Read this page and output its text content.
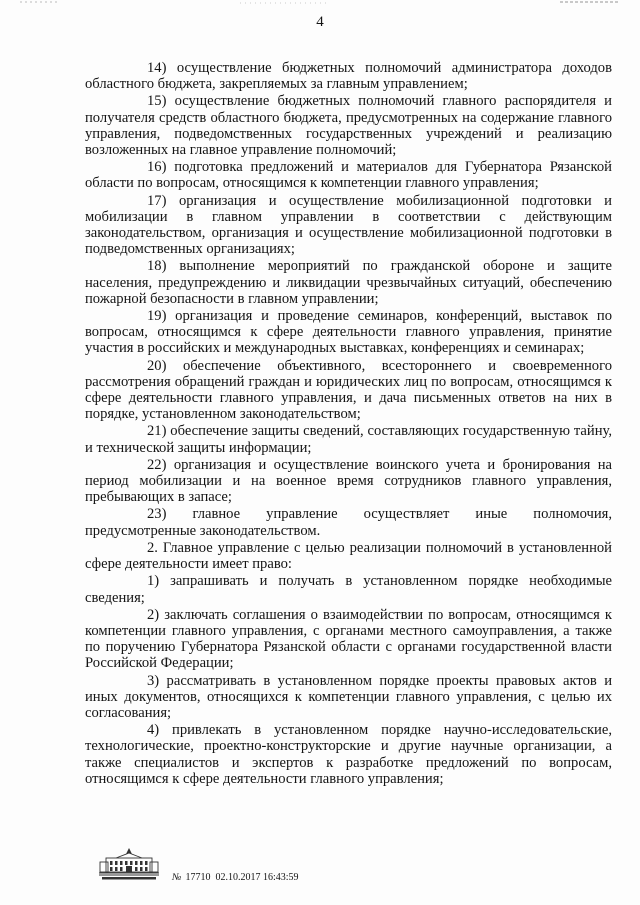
4

14) осуществление бюджетных полномочий администратора доходов областного бюджета, закрепляемых за главным управлением;

15) осуществление бюджетных полномочий главного распорядителя и получателя средств областного бюджета, предусмотренных на содержание главного управления, подведомственных государственных учреждений и реализацию возложенных на главное управление полномочий;

16) подготовка предложений и материалов для Губернатора Рязанской области по вопросам, относящимся к компетенции главного управления;

17) организация и осуществление мобилизационной подготовки и мобилизации в главном управлении в соответствии с действующим законодательством, организация и осуществление мобилизационной подготовки в подведомственных организациях;

18) выполнение мероприятий по гражданской обороне и защите населения, предупреждению и ликвидации чрезвычайных ситуаций, обеспечению пожарной безопасности в главном управлении;

19) организация и проведение семинаров, конференций, выставок по вопросам, относящимся к сфере деятельности главного управления, принятие участия в российских и международных выставках, конференциях и семинарах;

20) обеспечение объективного, всестороннего и своевременного рассмотрения обращений граждан и юридических лиц по вопросам, относящимся к сфере деятельности главного управления, и дача письменных ответов на них в порядке, установленном законодательством;

21) обеспечение защиты сведений, составляющих государственную тайну, и технической защиты информации;

22) организация и осуществление воинского учета и бронирования на период мобилизации и на военное время сотрудников главного управления, пребывающих в запасе;

23) главное управление осуществляет иные полномочия, предусмотренные законодательством.

2. Главное управление с целью реализации полномочий в установленной сфере деятельности имеет право:

1) запрашивать и получать в установленном порядке необходимые сведения;

2) заключать соглашения о взаимодействии по вопросам, относящимся к компетенции главного управления, с органами местного самоуправления, а также по поручению Губернатора Рязанской области с органами государственной власти Российской Федерации;

3) рассматривать в установленном порядке проекты правовых актов и иных документов, относящихся к компетенции главного управления, с целью их согласования;

4) привлекать в установленном порядке научно-исследовательские, технологические, проектно-конструкторские и другие научные организации, а также специалистов и экспертов к разработке предложений по вопросам, относящимся к сфере деятельности главного управления;

№ 17710 02.10.2017 16:43:59
